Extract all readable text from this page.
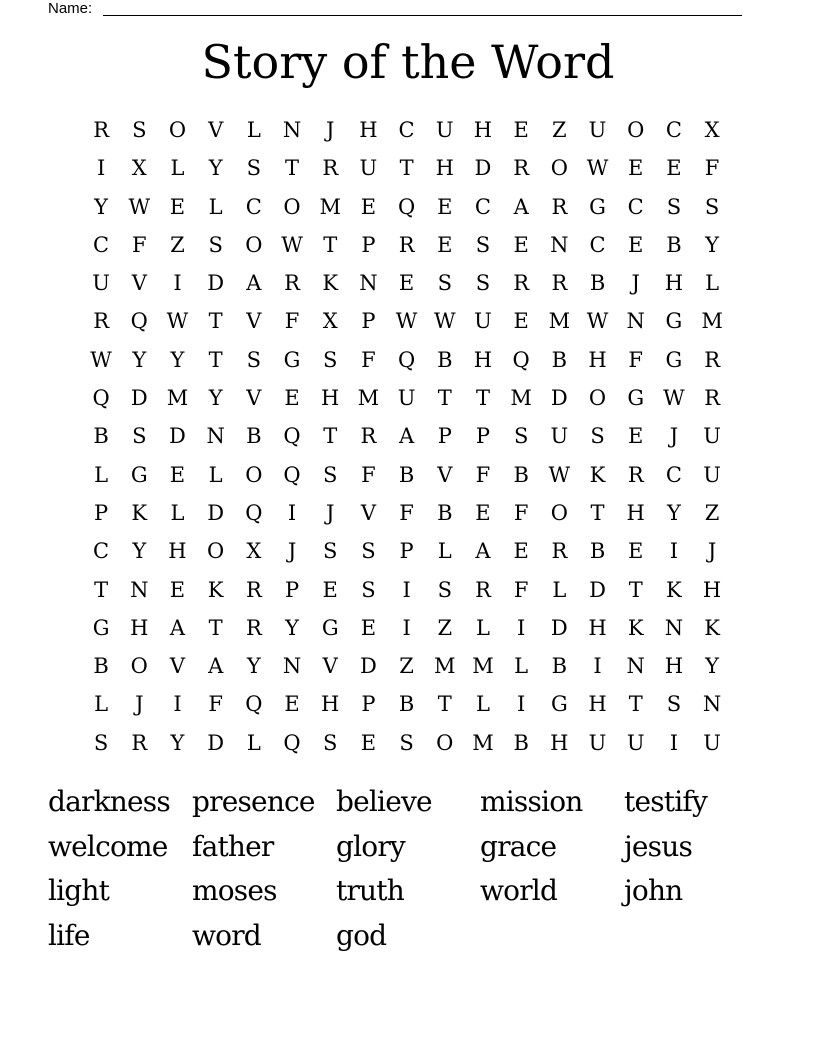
Name:
Story of the Word
R	S	O	V	L	N	J	H C	U H	E	Z	U O	C	X
I	X	L	Y	S	T	R	U	T	H D	R	O W E	E	F
Y W E	L	C	O M E	Q	E	C	A	R	G	C	S	S
C	F	Z	S	O W T	P	R	E	S	E	N C	E	B	Y
U	V	I	D	A	R	K	N	E	S	S	R	R	B	J	H	L
R	Q W T	V	F	X	P W W U	E M W N G M
W Y	Y	T	S	G	S	F	Q	B	H Q	B	H	F	G	R
Q	D M Y	V	E	H M U	T	T M D	O	G W R
B	S	D N	B	Q	T	R	A	P	P	S	U	S	E	J	U
L	G	E	L	O Q	S	F	B	V	F	B W K	R	C	U
P	K	L	D	Q	I	J	V	F	B	E	F	O	T	H	Y	Z
C	Y	H O	X	J	S	S	P	L	A	E	R	B	E	I	J
T	N	E	K	R	P	E	S	I	S	R	F	L	D	T	K	H
G H	A	T	R	Y	G	E	I	Z	L	I	D H	K	N	K
B	O	V	A	Y	N	V	D	Z M M L	B	I	N H	Y
L	J	I	F	Q	E	H	P	B	T	L	I	G H	T	S	N
S	R	Y	D	L	Q	S	E	S	O M B	H U U	I	U
darkness presence believe	mission	testify
welcome father	glory	grace	jesus
light	moses	truth	world	john
life	word	god
